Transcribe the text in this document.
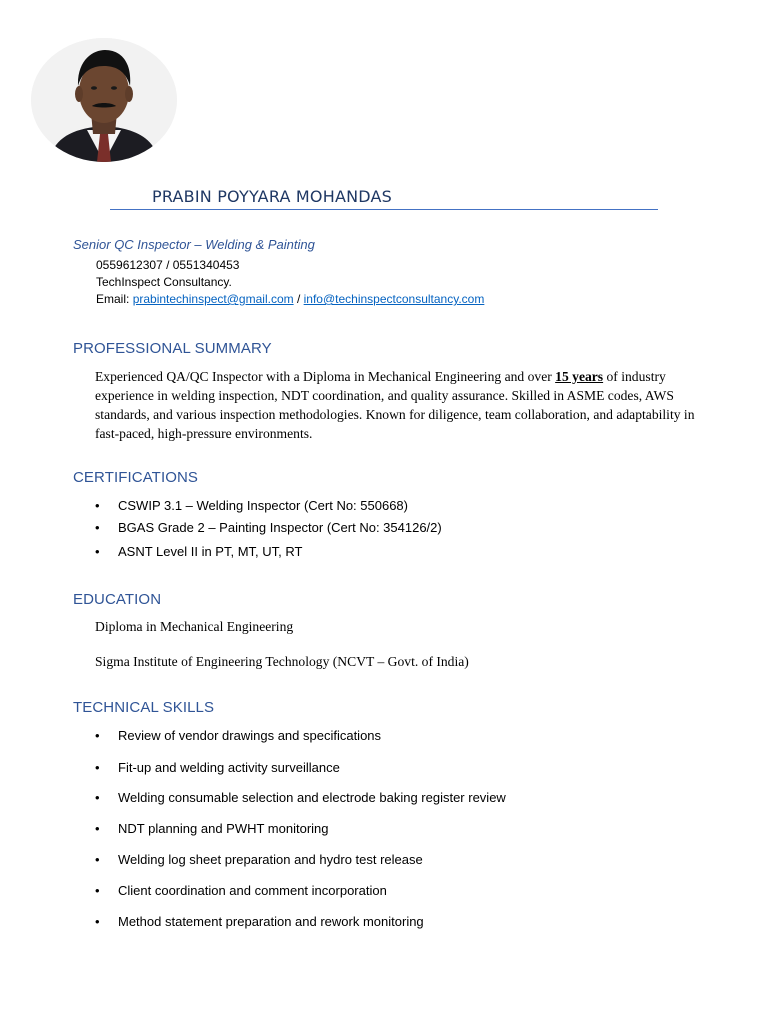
PRABIN POYYARA MOHANDAS
Senior QC Inspector – Welding & Painting
0559612307 / 0551340453
TechInspect Consultancy.
Email: prabintechinspect@gmail.com / info@techinspectconsultancy.com
PROFESSIONAL SUMMARY
Experienced QA/QC Inspector with a Diploma in Mechanical Engineering and over 15 years of industry experience in welding inspection, NDT coordination, and quality assurance. Skilled in ASME codes, AWS standards, and various inspection methodologies. Known for diligence, team collaboration, and adaptability in fast-paced, high-pressure environments.
CERTIFICATIONS
• CSWIP 3.1 – Welding Inspector (Cert No: 550668)
• BGAS Grade 2 – Painting Inspector (Cert No: 354126/2)
• ASNT Level II in PT, MT, UT, RT
EDUCATION
Diploma in Mechanical Engineering
Sigma Institute of Engineering Technology (NCVT – Govt. of India)
TECHNICAL SKILLS
• Review of vendor drawings and specifications
• Fit-up and welding activity surveillance
• Welding consumable selection and electrode baking register review
• NDT planning and PWHT monitoring
• Welding log sheet preparation and hydro test release
• Client coordination and comment incorporation
• Method statement preparation and rework monitoring
